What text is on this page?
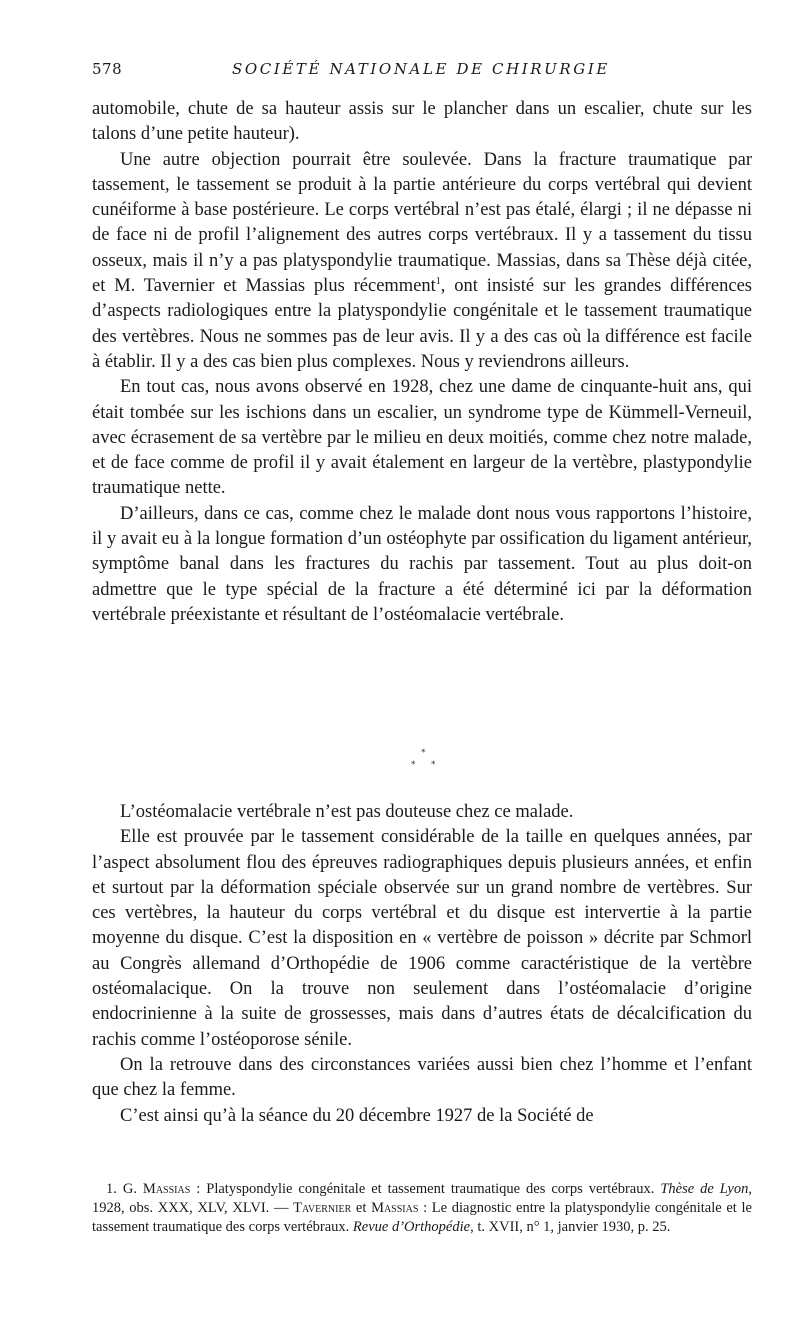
578	SOCIÉTÉ NATIONALE DE CHIRURGIE

automobile, chute de sa hauteur assis sur le plancher dans un escalier, chute sur les talons d’une petite hauteur).

Une autre objection pourrait être soulevée. Dans la fracture traumatique par tassement, le tassement se produit à la partie antérieure du corps vertébral qui devient cunéiforme à base postérieure. Le corps vertébral n’est pas étalé, élargi ; il ne dépasse ni de face ni de profil l’alignement des autres corps vertébraux. Il y a tassement du tissu osseux, mais il n’y a pas platyspondylie traumatique. Massias, dans sa Thèse déjà citée, et M. Tavernier et Massias plus récemment$^1$, ont insisté sur les grandes différences d’aspects radiologiques entre la platyspondylie congénitale et le tassement traumatique des vertèbres. Nous ne sommes pas de leur avis. Il y a des cas où la différence est facile à établir. Il y a des cas bien plus complexes. Nous y reviendrons ailleurs.

En tout cas, nous avons observé en 1928, chez une dame de cinquante-huit ans, qui était tombée sur les ischions dans un escalier, un syndrome type de Kümmell-Verneuil, avec écrasement de sa vertèbre par le milieu en deux moitiés, comme chez notre malade, et de face comme de profil il y avait étalement en largeur de la vertèbre, plastypondylie traumatique nette.

D’ailleurs, dans ce cas, comme chez le malade dont nous vous rapportons l’histoire, il y avait eu à la longue formation d’un ostéophyte par ossification du ligament antérieur, symptôme banal dans les fractures du rachis par tassement. Tout au plus doit-on admettre que le type spécial de la fracture a été déterminé ici par la déformation vertébrale préexistante et résultant de l’ostéomalacie vertébrale.

*
* *

L’ostéomalacie vertébrale n’est pas douteuse chez ce malade.

Elle est prouvée par le tassement considérable de la taille en quelques années, par l’aspect absolument flou des épreuves radiographiques depuis plusieurs années, et enfin et surtout par la déformation spéciale observée sur un grand nombre de vertèbres. Sur ces vertèbres, la hauteur du corps vertébral et du disque est intervertie à la partie moyenne du disque. C’est la disposition en « vertèbre de poisson » décrite par Schmorl au Congrès allemand d’Orthopédie de 1906 comme caractéristique de la vertèbre ostéomalacique. On la trouve non seulement dans l’ostéomalacie d’origine endocrinienne à la suite de grossesses, mais dans d’autres états de décalcification du rachis comme l’ostéoporose sénile.

On la retrouve dans des circonstances variées aussi bien chez l’homme et l’enfant que chez la femme.

C’est ainsi qu’à la séance du 20 décembre 1927 de la Société de

1. G. Massias : Platyspondylie congénitale et tassement traumatique des corps vertébraux. Thèse de Lyon, 1928, obs. XXX, XLV, XLVI. — Tavernier et Massias : Le diagnostic entre la platyspondylie congénitale et le tassement traumatique des corps vertébraux. Revue d’Orthopédie, t. XVII, n° 1, janvier 1930, p. 25.
